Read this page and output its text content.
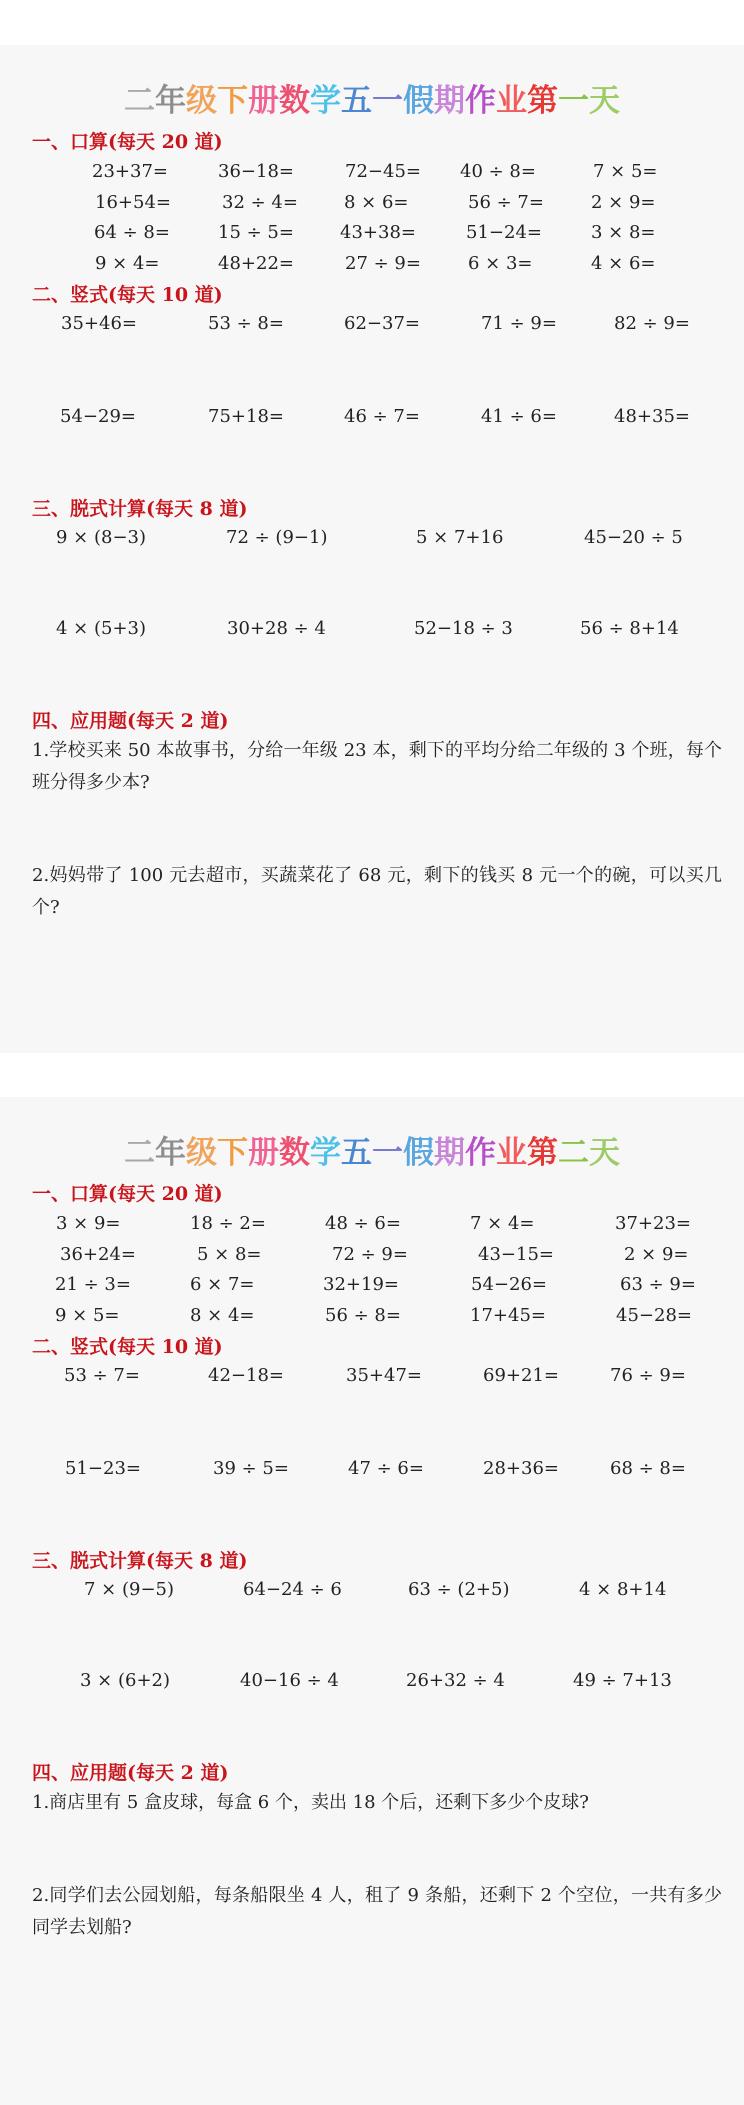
二年级下册数学五一假期作业第一天
一、口算(每天 20 道)
23+37=	36−18=	72−45= 40 ÷ 8=	7 × 5=
16+54=	32 ÷ 4=	8 × 6=	56 ÷ 7=	2 × 9=
64 ÷ 8=	15 ÷ 5=	43+38=	51−24=	3 × 8=
9 × 4=	48+22=	27 ÷ 9=	6 × 3=	4 × 6=
二、竖式(每天 10 道)
35+46=	53 ÷ 8=	62−37=	71 ÷ 9=	82 ÷ 9=
54−29=	75+18=	46 ÷ 7=	41 ÷ 6=	48+35=
三、脱式计算(每天 8 道)
9 × (8−3)	72 ÷ (9−1)	5 × 7+16	45−20 ÷ 5
4 × (5+3)	30+28 ÷ 4	52−18 ÷ 3	56 ÷ 8+14
四、应用题(每天 2 道)
1.学校买来 50 本故事书，分给一年级 23 本，剩下的平均分给二年级的 3 个班，每个班分得多少本?
2.妈妈带了 100 元去超市，买蔬菜花了 68 元，剩下的钱买 8 元一个的碗，可以买几个?
二年级下册数学五一假期作业第二天
一、口算(每天 20 道)
3 × 9=	18 ÷ 2=	48 ÷ 6=	7 × 4=	37+23=
36+24=	5 × 8=	72 ÷ 9=	43−15=	2 × 9=
21 ÷ 3=	6 × 7=	32+19=	54−26=	63 ÷ 9=
9 × 5=	8 × 4=	56 ÷ 8=	17+45=	45−28=
二、竖式(每天 10 道)
53 ÷ 7=	42−18=	35+47=	69+21=	76 ÷ 9=
51−23=	39 ÷ 5=	47 ÷ 6=	28+36=	68 ÷ 8=
三、脱式计算(每天 8 道)
7 × (9−5)	64−24 ÷ 6	63 ÷ (2+5)	4 × 8+14
3 × (6+2)	40−16 ÷ 4	26+32 ÷ 4	49 ÷ 7+13
四、应用题(每天 2 道)
1.商店里有 5 盒皮球，每盒 6 个，卖出 18 个后，还剩下多少个皮球?
2.同学们去公园划船，每条船限坐 4 人，租了 9 条船，还剩下 2 个空位，一共有多少同学去划船?
